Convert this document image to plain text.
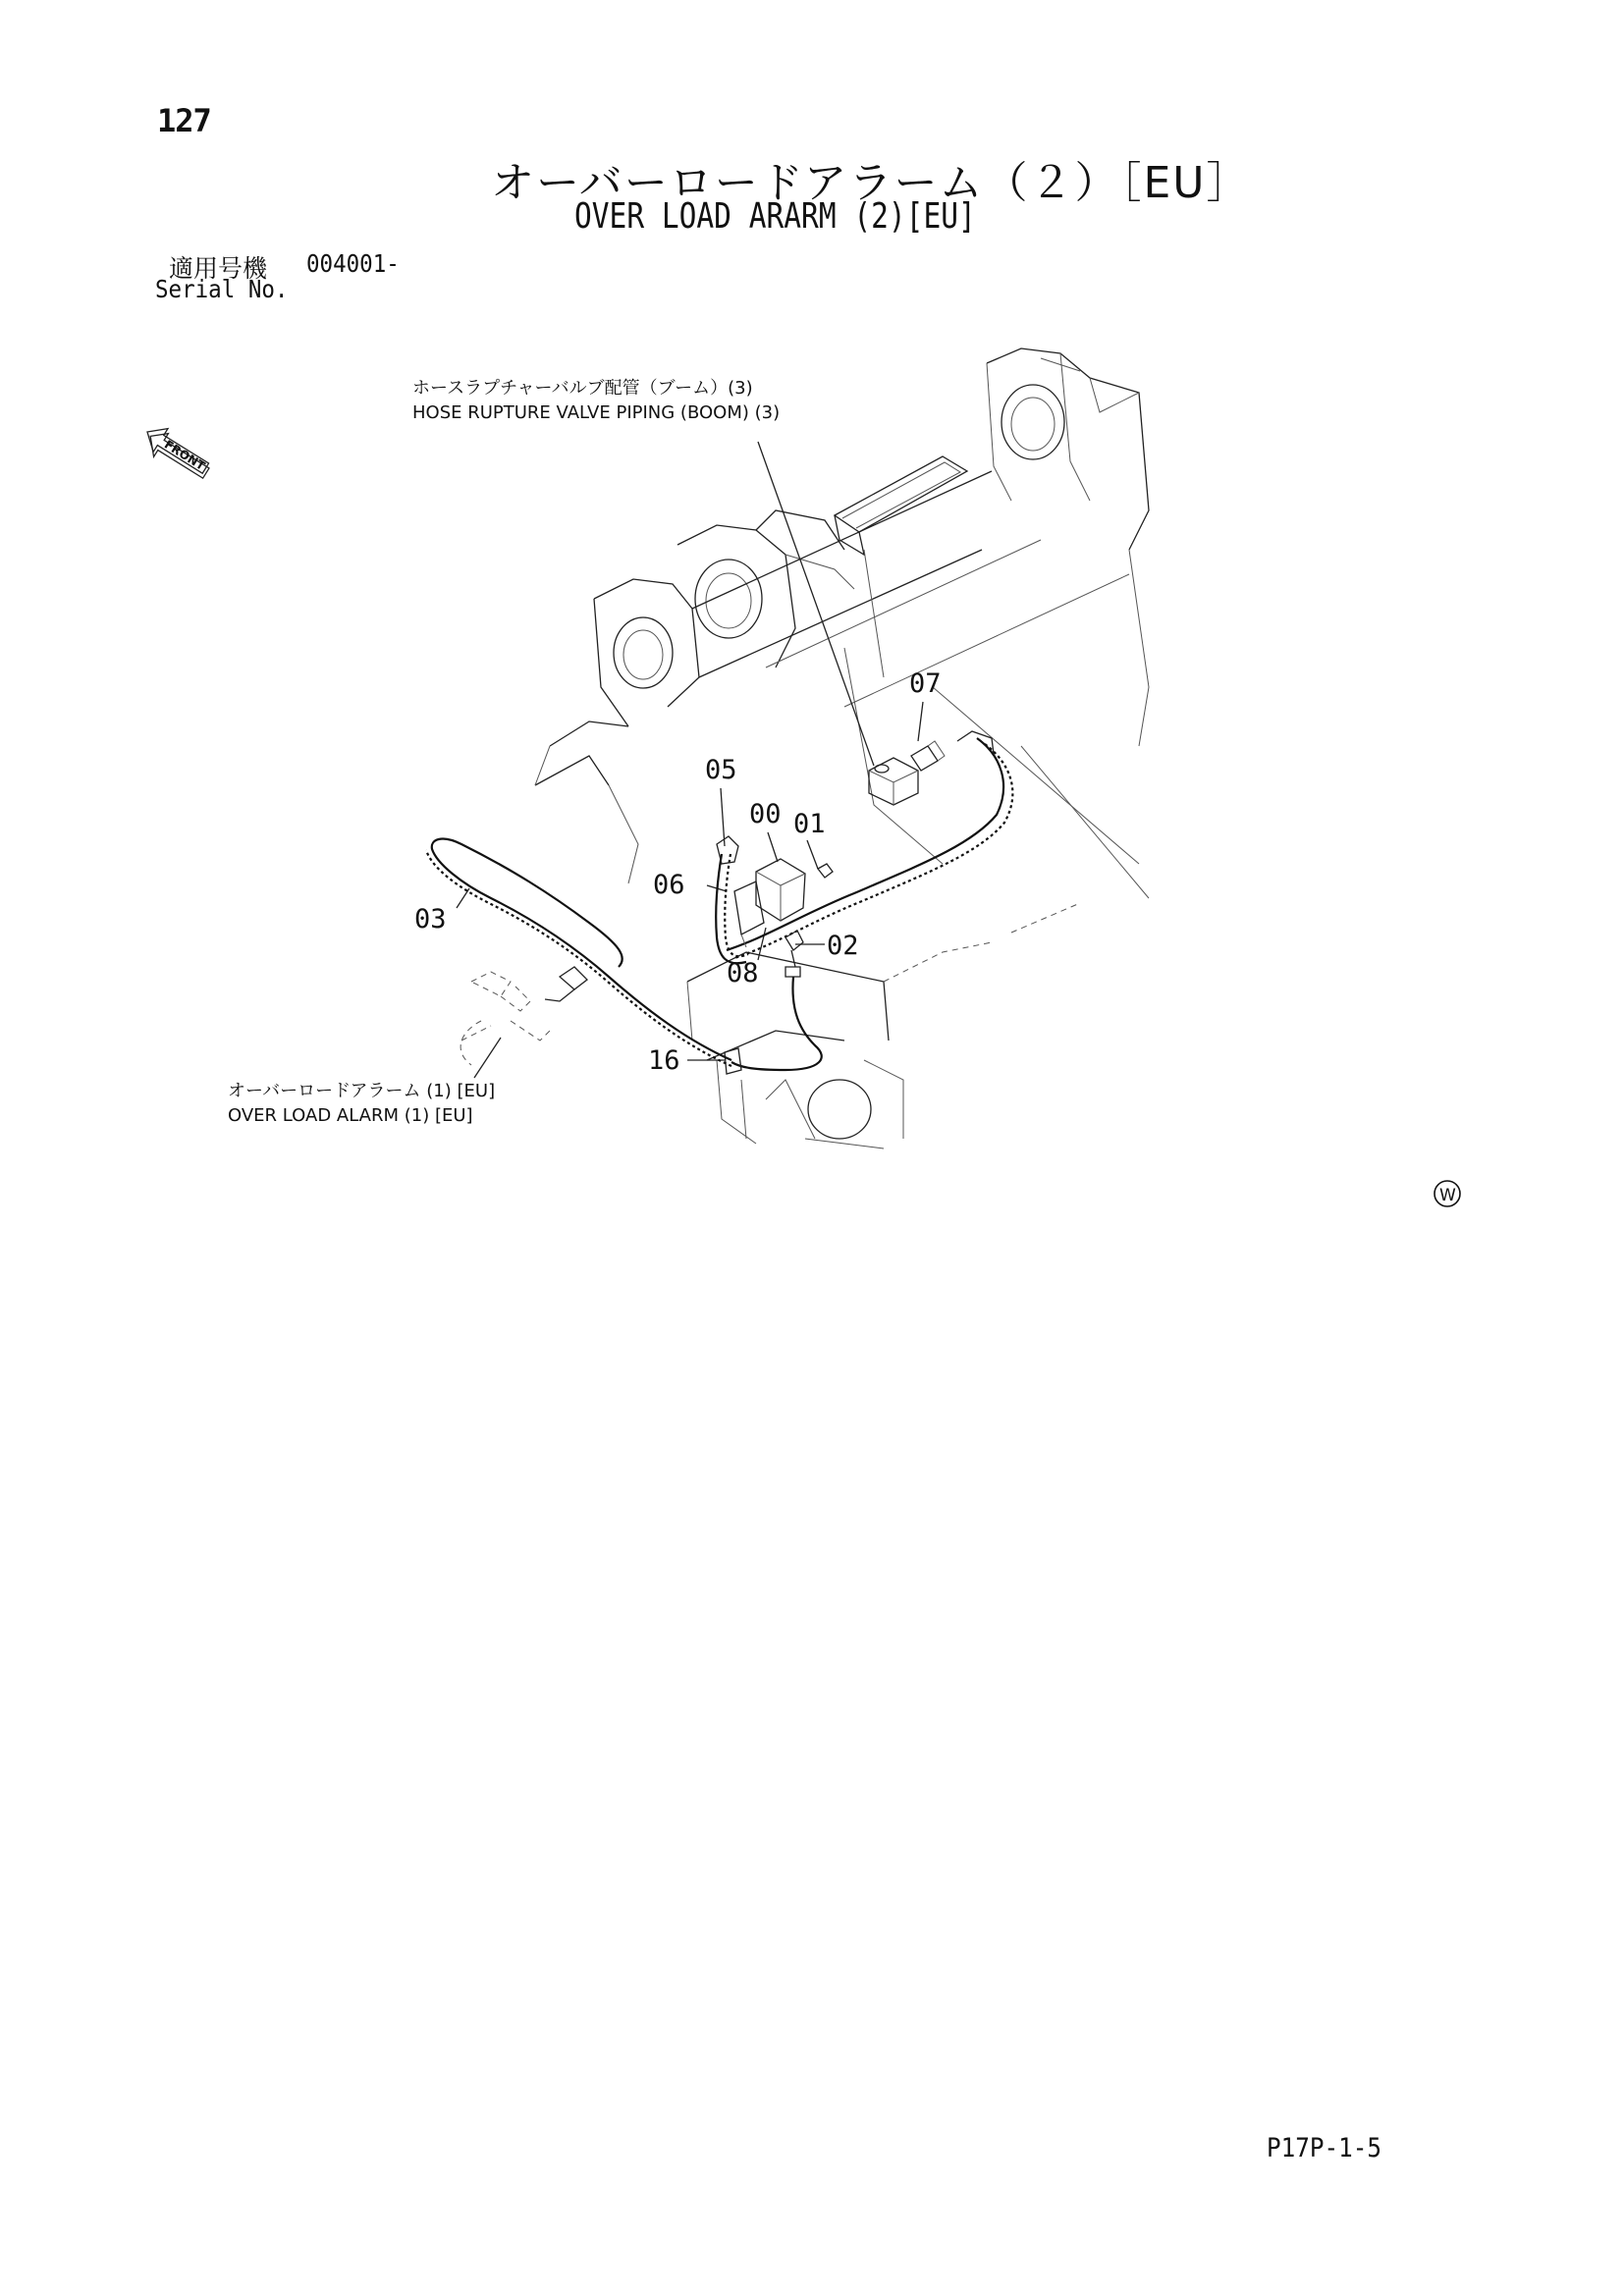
127
オーバーロードアラーム（２）［EU］
OVER LOAD ARARM (2)[EU]
適用号機 004001-
Serial No.
P17P-1-5
FRONT
ホースラプチャーバルブ配管（ブーム）(3)
HOSE RUPTURE VALVE PIPING (BOOM) (3)
オーバーロードアラーム (1) [EU]
OVER LOAD ALARM (1) [EU]
07
05
00 01
06
03
02
08
16
W
